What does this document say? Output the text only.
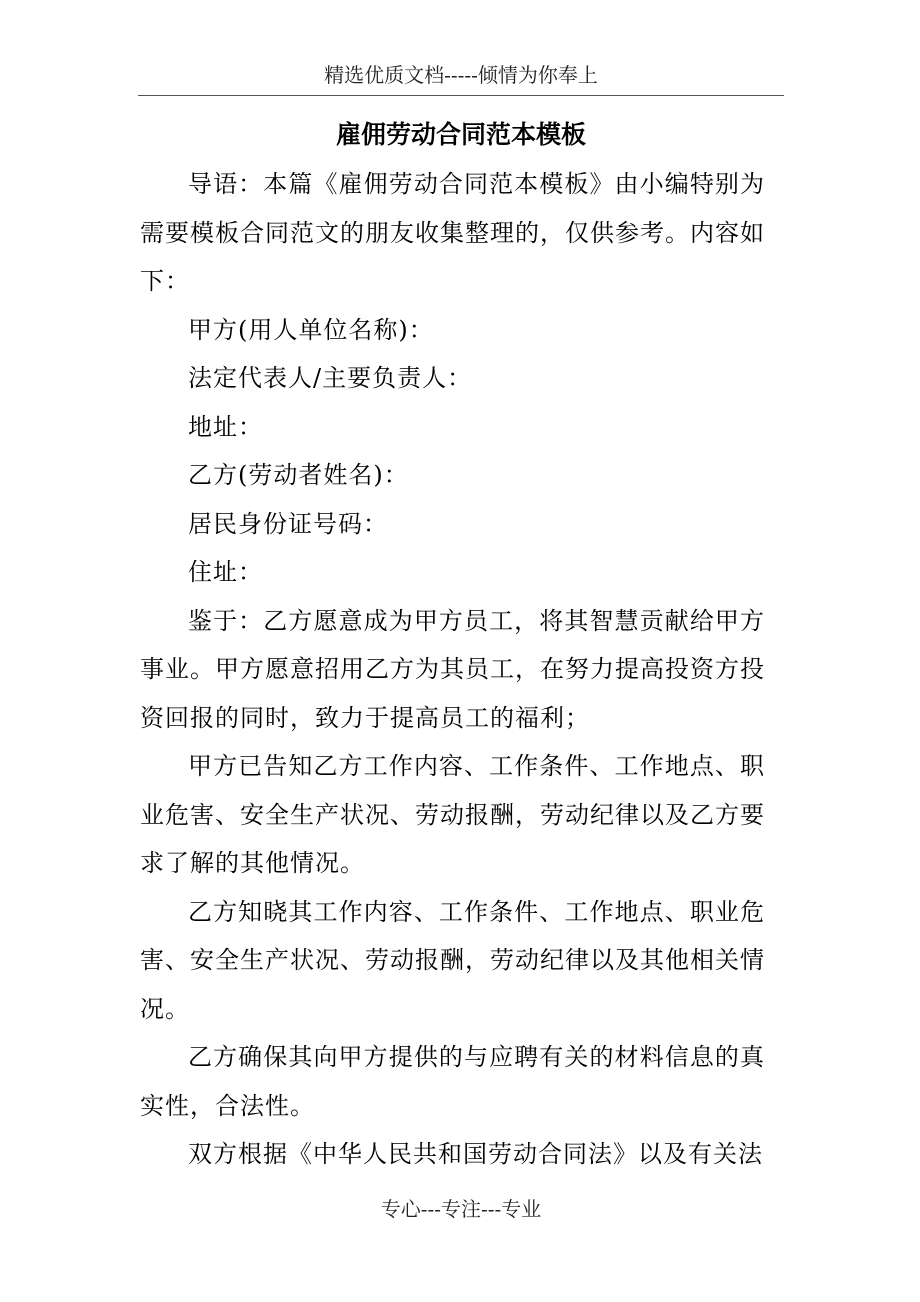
精选优质文档-----倾情为你奉上
雇佣劳动合同范本模板

导语：本篇《雇佣劳动合同范本模板》由小编特别为需要模板合同范文的朋友收集整理的，仅供参考。内容如下：

甲方(用人单位名称)：

法定代表人/主要负责人：

地址：

乙方(劳动者姓名)：

居民身份证号码：

住址：

鉴于：乙方愿意成为甲方员工，将其智慧贡献给甲方事业。甲方愿意招用乙方为其员工，在努力提高投资方投资回报的同时，致力于提高员工的福利；

甲方已告知乙方工作内容、工作条件、工作地点、职业危害、安全生产状况、劳动报酬，劳动纪律以及乙方要求了解的其他情况。

乙方知晓其工作内容、工作条件、工作地点、职业危害、安全生产状况、劳动报酬，劳动纪律以及其他相关情况。

乙方确保其向甲方提供的与应聘有关的材料信息的真实性，合法性。

双方根据《中华人民共和国劳动合同法》以及有关法

专心---专注---专业
